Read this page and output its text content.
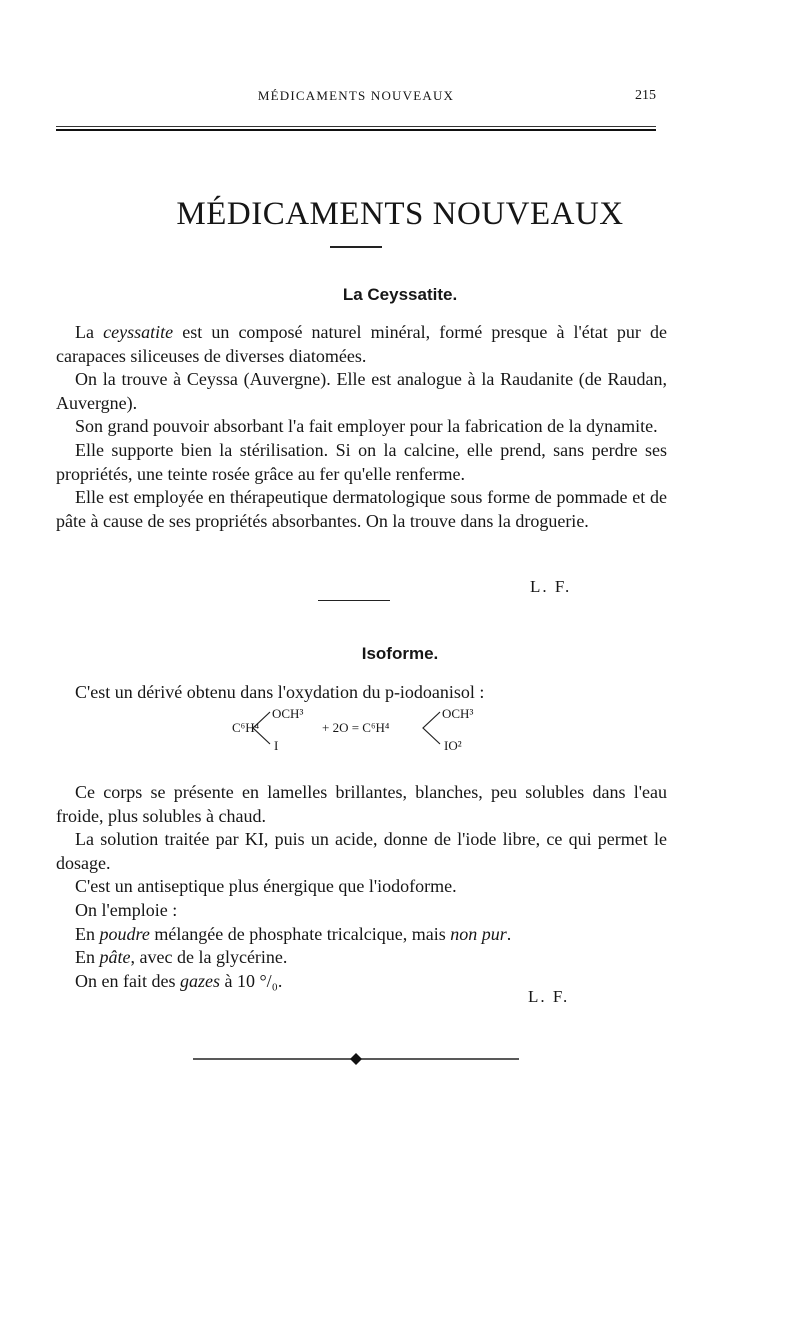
MÉDICAMENTS NOUVEAUX	215
MÉDICAMENTS NOUVEAUX
La Ceyssatite.

La ceyssatite est un composé naturel minéral, formé presque à l'état pur de carapaces siliceuses de diverses diatomées.

On la trouve à Ceyssa (Auvergne). Elle est analogue à la Raudanite (de Raudan, Auvergne).

Son grand pouvoir absorbant l'a fait employer pour la fabrication de la dynamite.

Elle supporte bien la stérilisation. Si on la calcine, elle prend, sans perdre ses propriétés, une teinte rosée grâce au fer qu'elle renferme.

Elle est employée en thérapeutique dermatologique sous forme de pommade et de pâte à cause de ses propriétés absorbantes. On la trouve dans la droguerie.

L. F.
Isoforme.

C'est un dérivé obtenu dans l'oxydation du p-iodoanisol :

C⁶H⁴
OCH³
I
+ 2O = C⁶H⁴
OCH³
IO²

Ce corps se présente en lamelles brillantes, blanches, peu solubles dans l'eau froide, plus solubles à chaud.

La solution traitée par KI, puis un acide, donne de l'iode libre, ce qui permet le dosage.

C'est un antiseptique plus énergique que l'iodoforme.

On l'emploie :

En poudre mélangée de phosphate tricalcique, mais non pur.

En pâte, avec de la glycérine.

On en fait des gazes à 10 °/₀.

L. F.
